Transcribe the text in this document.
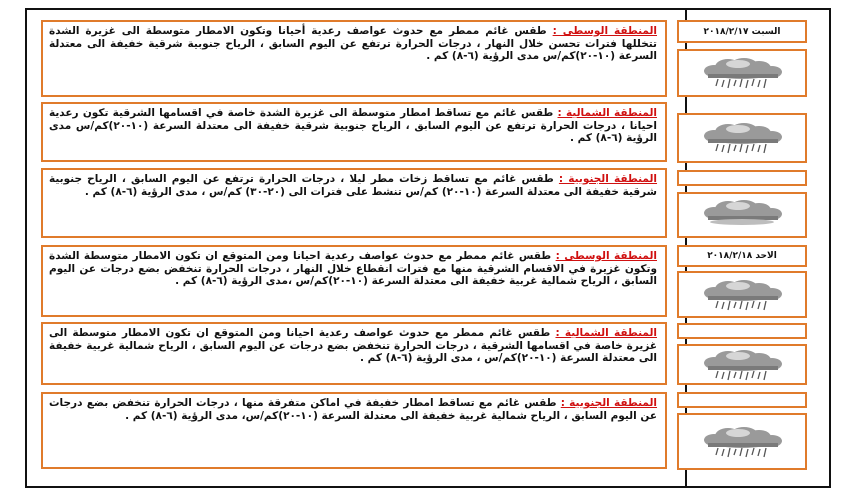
السبت ٢٠١٨/٢/١٧
المنطقة الوسطى : طقس غائم ممطر مع حدوث عواصف رعدية أحيانا وتكون الامطار متوسطة الى غزيرة الشدة تتخللها فترات تحسن خلال النهار ، درجات الحرارة ترتفع عن اليوم السابق ، الرياح جنوبية شرقية خفيفة الى معتدلة السرعة (١٠-٢٠)كم/س مدى الرؤية (٦-٨) كم .
المنطقة الشمالية : طقس غائم مع تساقط امطار متوسطة الى غزيرة الشدة خاصة في اقسامها الشرقية تكون رعدية احيانا ، درجات الحرارة ترتفع عن اليوم السابق ، الرياح جنوبية شرقية خفيفة الى معتدلة السرعة (١٠-٢٠)كم/س مدى الرؤية (٦-٨) كم .
المنطقة الجنوبية : طقس غائم مع تساقط زخات مطر ليلا ، درجات الحرارة ترتفع عن اليوم السابق ، الرياح جنوبية شرقية خفيفة الى معتدلة السرعة (١٠-٢٠) كم/س تنشط على فترات الى (٢٠-٣٠) كم/س ، مدى الرؤية (٦-٨) كم .
الاحد ٢٠١٨/٢/١٨
المنطقة الوسطى : طقس غائم ممطر مع حدوث عواصف رعدية احيانا ومن المتوقع ان تكون الامطار متوسطة الشدة وتكون غزيرة في الاقسام الشرقية منها مع فترات انقطاع خلال النهار ، درجات الحرارة تنخفض بضع درجات عن اليوم السابق ، الرياح شمالية غربية خفيفة الى معتدلة السرعة (١٠-٢٠)كم/س ،مدى الرؤية (٦-٨) كم .
المنطقة الشمالية : طقس غائم ممطر مع حدوث عواصف رعدية احيانا ومن المتوقع ان تكون الامطار متوسطة الى غزيرة خاصة في اقسامها الشرقية ، درجات الحرارة تنخفض بضع درجات عن اليوم السابق ، الرياح شمالية غربية خفيفة الى معتدلة السرعة (١٠-٢٠)كم/س ، مدى الرؤية (٦-٨) كم .
المنطقة الجنوبية : طقس غائم مع تساقط امطار خفيفة في اماكن متفرقة منها ، درجات الحرارة تنخفض بضع درجات عن اليوم السابق ، الرياح شمالية غربية خفيفة الى معتدلة السرعة (١٠-٢٠)كم/س، مدى الرؤية (٦-٨) كم .
